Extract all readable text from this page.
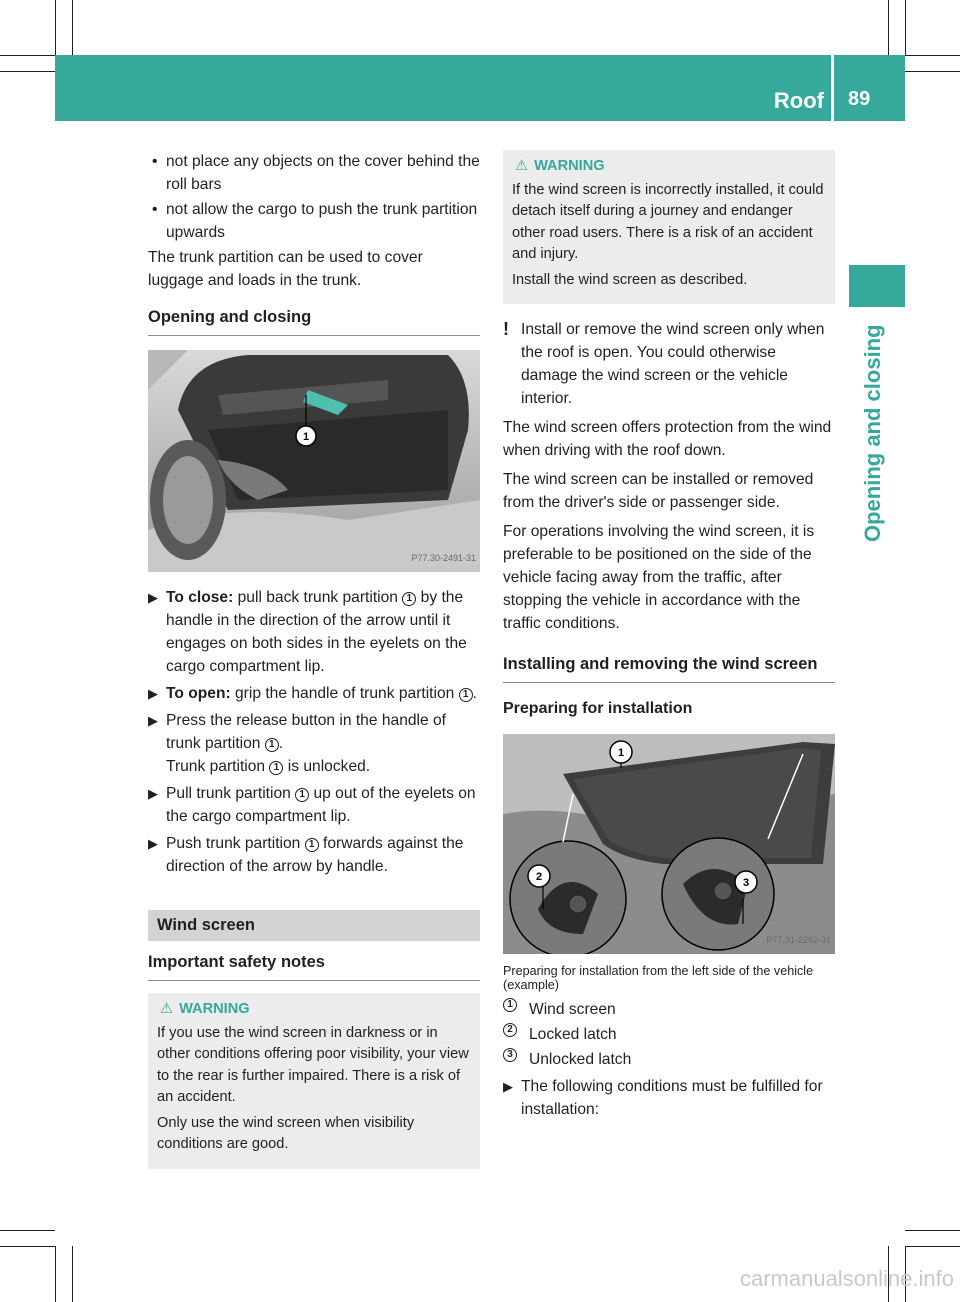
Roof 89
Opening and closing
• not place any objects on the cover behind the roll bars
• not allow the cargo to push the trunk partition upwards
The trunk partition can be used to cover luggage and loads in the trunk.
Opening and closing
1
P77.30-2491-31
▶ To close: pull back trunk partition 1 by the handle in the direction of the arrow until it engages on both sides in the eyelets on the cargo compartment lip.
▶ To open: grip the handle of trunk partition 1 .
▶ Press the release button in the handle of trunk partition 1 .
Trunk partition 1 is unlocked.
▶ Pull trunk partition 1 up out of the eyelets on the cargo compartment lip.
▶ Push trunk partition 1 forwards against the direction of the arrow by handle.
Wind screen
Important safety notes
⚠ WARNING

If you use the wind screen in darkness or in other conditions offering poor visibility, your view to the rear is further impaired. There is a risk of an accident.

Only use the wind screen when visibility conditions are good.

⚠ WARNING

If the wind screen is incorrectly installed, it could detach itself during a journey and endanger other road users. There is a risk of an accident and injury.

Install the wind screen as described.

! Install or remove the wind screen only when the roof is open. You could otherwise damage the wind screen or the vehicle interior.
The wind screen offers protection from the wind when driving with the roof down.
The wind screen can be installed or removed from the driver's side or passenger side.
For operations involving the wind screen, it is preferable to be positioned on the side of the vehicle facing away from the traffic, after stopping the vehicle in accordance with the traffic conditions.
Installing and removing the wind screen
Preparing for installation
1
2	3
P77.31-2262-31
Preparing for installation from the left side of the vehicle (example)
1 Wind screen
2 Locked latch
3 Unlocked latch
▶ The following conditions must be fulfilled for installation:
carmanualsonline.info
